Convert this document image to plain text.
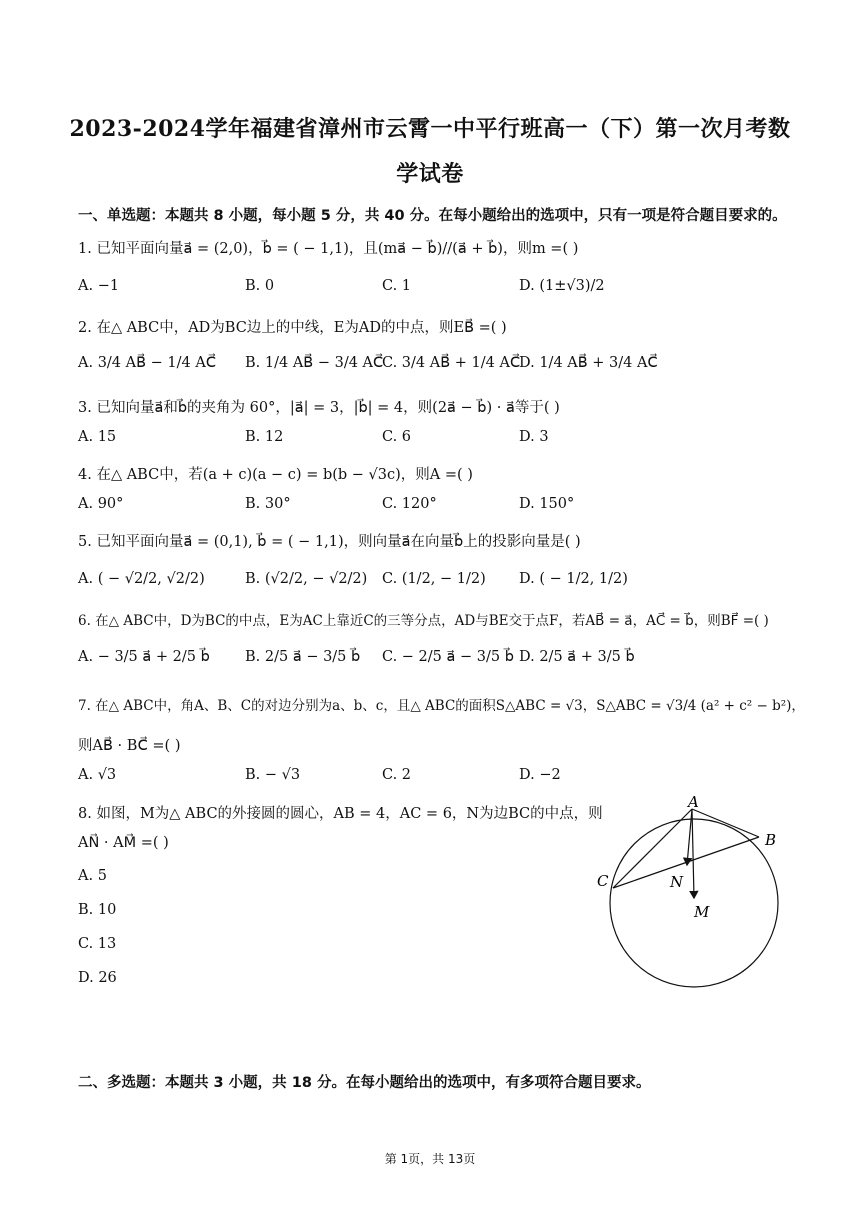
2023-2024学年福建省漳州市云霄一中平行班高一（下）第一次月考数
学试卷
一、单选题：本题共 8 小题，每小题 5 分，共 40 分。在每小题给出的选项中，只有一项是符合题目要求的。
1. 已知平面向量a⃗ = (2,0)，b⃗ = ( − 1,1)，且(ma⃗ − b⃗)//(a⃗ + b⃗)，则m =( )
A. −1	B. 0	C. 1	D. (1±√3)/2
2. 在△ ABC中，AD为BC边上的中线，E为AD的中点，则EB⃗ =( )
A. 3/4 AB⃗ − 1/4 AC⃗ B. 1/4 AB⃗ − 3/4 AC⃗
C. 3/4 AB⃗ + 1/4 AC⃗
D. 1/4 AB⃗ + 3/4 AC⃗
3. 已知向量a⃗和b⃗的夹角为 60°，|a⃗| = 3，|b⃗| = 4，则(2a⃗ − b⃗) · a⃗等于( )
A. 15	B. 12	C. 6	D. 3
4. 在△ ABC中，若(a + c)(a − c) = b(b − √3c)，则A =( )
A. 90°	B. 30°	C. 120°	D. 150°
5. 已知平面向量a⃗ = (0,1), b⃗ = ( − 1,1)，则向量a⃗在向量b⃗上的投影向量是( )
A. ( − √2/2, √2/2)	B. (√2/2, − √2/2) C. (1/2, − 1/2) D. ( − 1/2, 1/2)
6. 在△ ABC中，D为BC的中点，E为AC上靠近C的三等分点，AD与BE交于点F，若AB⃗ = a⃗，AC⃗ = b⃗，则BF⃗ =( )
A. − 3/5 a⃗ + 2/5 b⃗ B. 2/5 a⃗ − 3/5 b⃗ C. − 2/5 a⃗ − 3/5 b⃗ D. 2/5 a⃗ + 3/5 b⃗
7. 在△ ABC中，角A、B、C的对边分别为a、b、c，且△ ABC的面积S△ABC = √3，S△ABC = √3/4 (a² + c² − b²)，
则AB⃗ · BC⃗ =( )
A. √3	B. − √3	C. 2	D. −2
8. 如图，M为△ ABC的外接圆的圆心，AB = 4，AC = 6，N为边BC的中点，则
AN⃗ · AM⃗ =( )
A. 5
B. 10
C. 13
D. 26
A
B
C	N
M
二、多选题：本题共 3 小题，共 18 分。在每小题给出的选项中，有多项符合题目要求。
第 1页，共 13页
